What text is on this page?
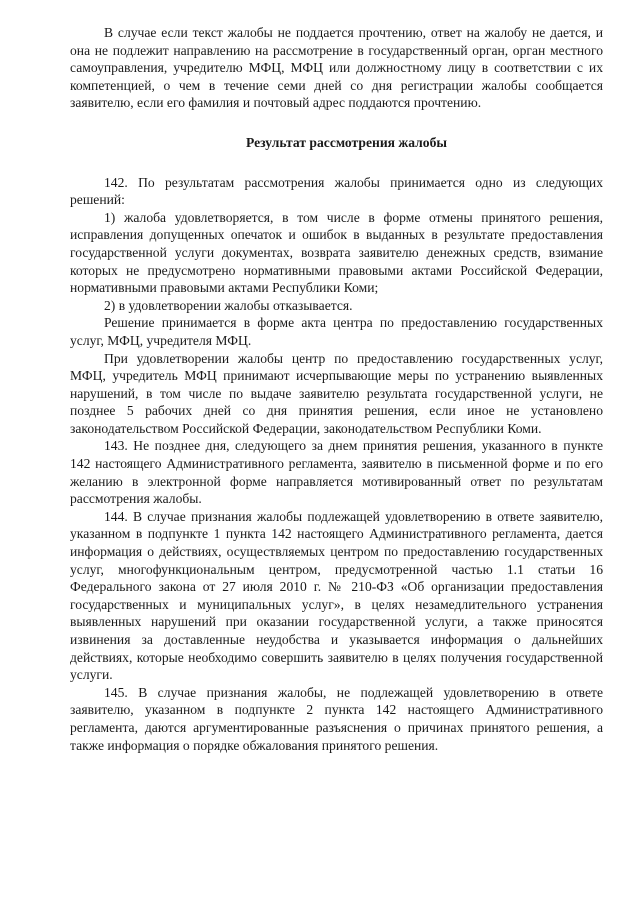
В случае если текст жалобы не поддается прочтению, ответ на жалобу не дается, и она не подлежит направлению на рассмотрение в государственный орган, орган местного самоуправления, учредителю МФЦ, МФЦ или должностному лицу в соответствии с их компетенцией, о чем в течение семи дней со дня регистрации жалобы сообщается заявителю, если его фамилия и почтовый адрес поддаются прочтению.

Результат рассмотрения жалобы

142. По результатам рассмотрения жалобы принимается одно из следующих решений:

1) жалоба удовлетворяется, в том числе в форме отмены принятого решения, исправления допущенных опечаток и ошибок в выданных в результате предоставления государственной услуги документах, возврата заявителю денежных средств, взимание которых не предусмотрено нормативными правовыми актами Российской Федерации, нормативными правовыми актами Республики Коми;

2) в удовлетворении жалобы отказывается.

Решение принимается в форме акта центра по предоставлению государственных услуг, МФЦ, учредителя МФЦ.

При удовлетворении жалобы центр по предоставлению государственных услуг, МФЦ, учредитель МФЦ принимают исчерпывающие меры по устранению выявленных нарушений, в том числе по выдаче заявителю результата государственной услуги, не позднее 5 рабочих дней со дня принятия решения, если иное не установлено законодательством Российской Федерации, законодательством Республики Коми.

143. Не позднее дня, следующего за днем принятия решения, указанного в пункте 142 настоящего Административного регламента, заявителю в письменной форме и по его желанию в электронной форме направляется мотивированный ответ по результатам рассмотрения жалобы.

144. В случае признания жалобы подлежащей удовлетворению в ответе заявителю, указанном в подпункте 1 пункта 142 настоящего Административного регламента, дается информация о действиях, осуществляемых центром по предоставлению государственных услуг, многофункциональным центром, предусмотренной частью 1.1 статьи 16 Федерального закона от 27 июля 2010 г. № 210-ФЗ «Об организации предоставления государственных и муниципальных услуг», в целях незамедлительного устранения выявленных нарушений при оказании государственной услуги, а также приносятся извинения за доставленные неудобства и указывается информация о дальнейших действиях, которые необходимо совершить заявителю в целях получения государственной услуги.

145. В случае признания жалобы, не подлежащей удовлетворению в ответе заявителю, указанном в подпункте 2 пункта 142 настоящего Административного регламента, даются аргументированные разъяснения о причинах принятого решения, а также информация о порядке обжалования принятого решения.
